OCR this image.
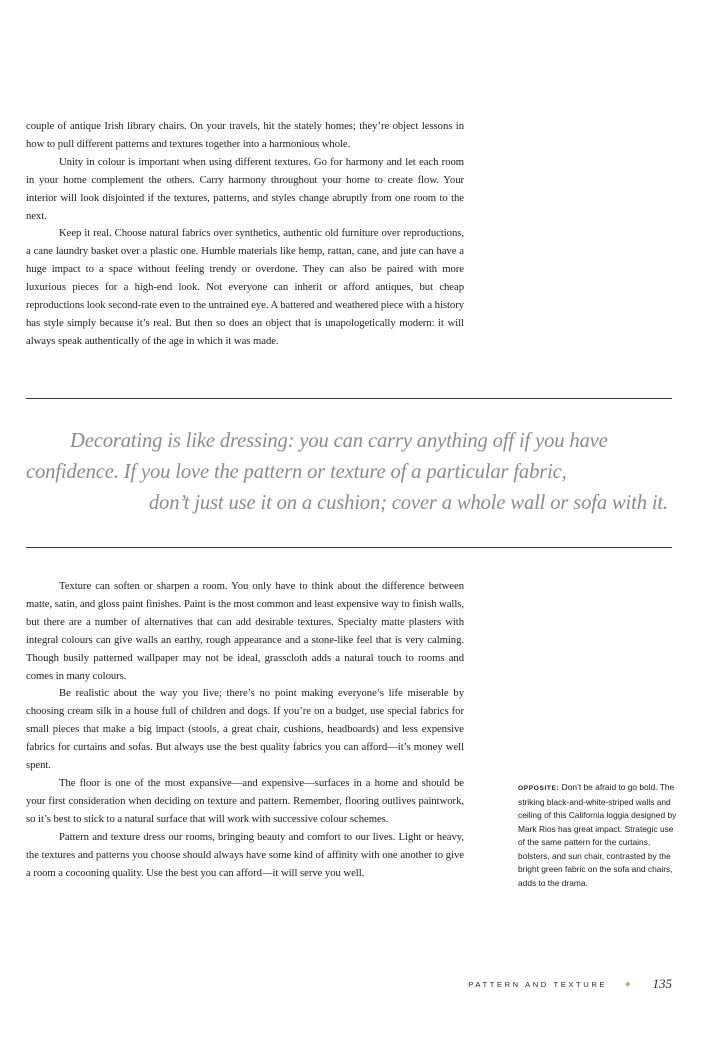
couple of antique Irish library chairs. On your travels, hit the stately homes; they’re object lessons in how to pull different patterns and textures together into a harmonious whole.

Unity in colour is important when using different textures. Go for harmony and let each room in your home complement the others. Carry harmony throughout your home to create flow. Your interior will look disjointed if the textures, patterns, and styles change abruptly from one room to the next.

Keep it real. Choose natural fabrics over synthetics, authentic old furniture over reproductions, a cane laundry basket over a plastic one. Humble materials like hemp, rattan, cane, and jute can have a huge impact to a space without feeling trendy or overdone. They can also be paired with more luxurious pieces for a high-end look. Not everyone can inherit or afford antiques, but cheap reproductions look second-rate even to the untrained eye. A battered and weathered piece with a history has style simply because it’s real. But then so does an object that is unapologetically modern: it will always speak authentically of the age in which it was made.

Decorating is like dressing: you can carry anything off if you have
confidence. If you love the pattern or texture of a particular fabric,
don’t just use it on a cushion; cover a whole wall or sofa with it.

Texture can soften or sharpen a room. You only have to think about the difference between matte, satin, and gloss paint finishes. Paint is the most common and least expensive way to finish walls, but there are a number of alternatives that can add desirable textures. Specialty matte plasters with integral colours can give walls an earthy, rough appearance and a stone-like feel that is very calming. Though busily patterned wallpaper may not be ideal, grasscloth adds a natural touch to rooms and comes in many colours.

Be realistic about the way you live; there’s no point making everyone’s life miserable by choosing cream silk in a house full of children and dogs. If you’re on a budget, use special fabrics for small pieces that make a big impact (stools, a great chair, cushions, headboards) and less expensive fabrics for curtains and sofas. But always use the best quality fabrics you can afford—it’s money well spent.

The floor is one of the most expansive—and expensive—surfaces in a home and should be your first consideration when deciding on texture and pattern. Remember, flooring outlives paintwork, so it’s best to stick to a natural surface that will work with successive colour schemes.

Pattern and texture dress our rooms, bringing beauty and comfort to our lives. Light or heavy, the textures and patterns you choose should always have some kind of affinity with one another to give a room a cocooning quality. Use the best you can afford—it will serve you well.

OPPOSITE: Don’t be afraid to go bold. The striking black-and-white-striped walls and ceiling of this California loggia designed by Mark Rios has great impact. Strategic use of the same pattern for the curtains, bolsters, and sun chair, contrasted by the bright green fabric on the sofa and chairs, adds to the drama.
PATTERN AND TEXTURE	◆ 135
